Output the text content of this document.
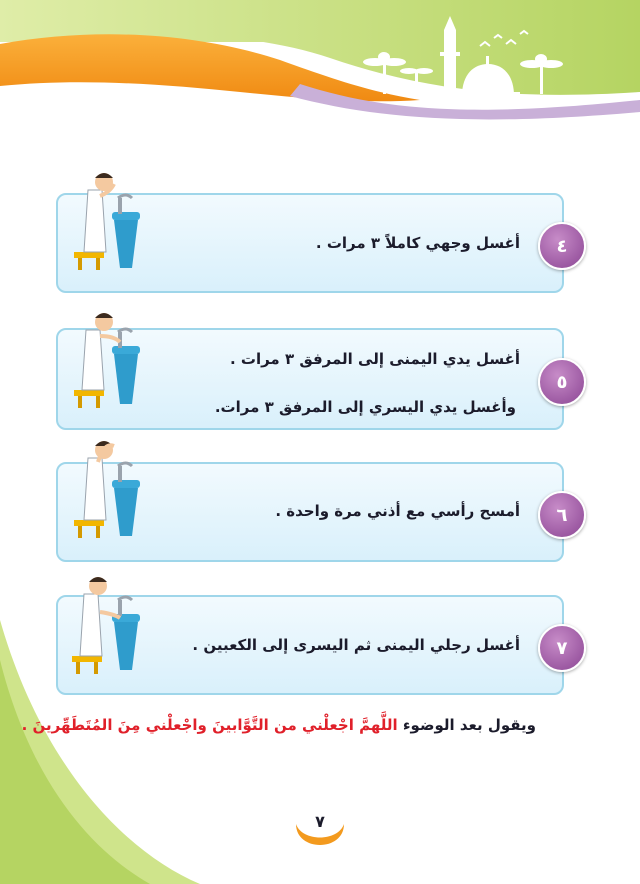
أغسل وجهي كاملاً ٣ مرات .
أغسل يدي اليمنى إلى المرفق ٣ مرات .
وأغسل يدي اليسري إلى المرفق ٣ مرات.
أمسح رأسي مع أذني مرة واحدة .
أغسل رجلي اليمنى ثم اليسرى إلى الكعبين .
٤
٥
٦
٧
ويقول بعد الوضوء اللَّهمَّ اجْعلْني من التَّوَّابينَ واجْعلْني مِنَ المُتَطَهِّرينَ .
٧
